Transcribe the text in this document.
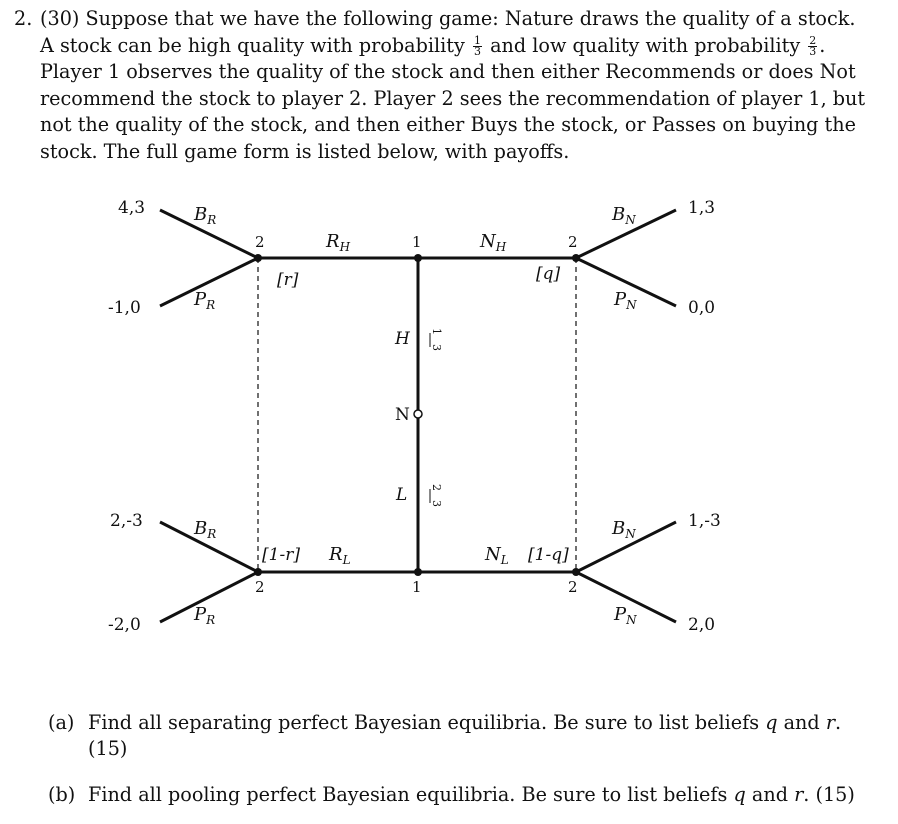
2. (30) Suppose that we have the following game: Nature draws the quality of a stock.
A stock can be high quality with probability $\frac{1}{3}$ and low quality with probability $\frac{2}{3}$ .
Player 1 observes the quality of the stock and then either Recommends or does Not
recommend the stock to player 2. Player 2 sees the recommendation of player 1, but
not the quality of the stock, and then either Buys the stock, or Passes on buying the
stock. The full game form is listed below, with payoffs.
N
H
L
1
3
2
3
1
1
2
2
2
2
$R_H$	$N_H$
$R_L$	$N_L$
[r]
[1-r]
[q]
[1-q]
$B_R$
$P_R$
$B_R$
$P_R$
$B_N$
$P_N$
$B_N$
$P_N$
4,3
-1,0
2,-3
-2,0
1,3
0,0
1,-3
2,0
(a) Find all separating perfect Bayesian equilibria. Be sure to list beliefs q and r.
(15)
(b) Find all pooling perfect Bayesian equilibria. Be sure to list beliefs q and r. (15)
